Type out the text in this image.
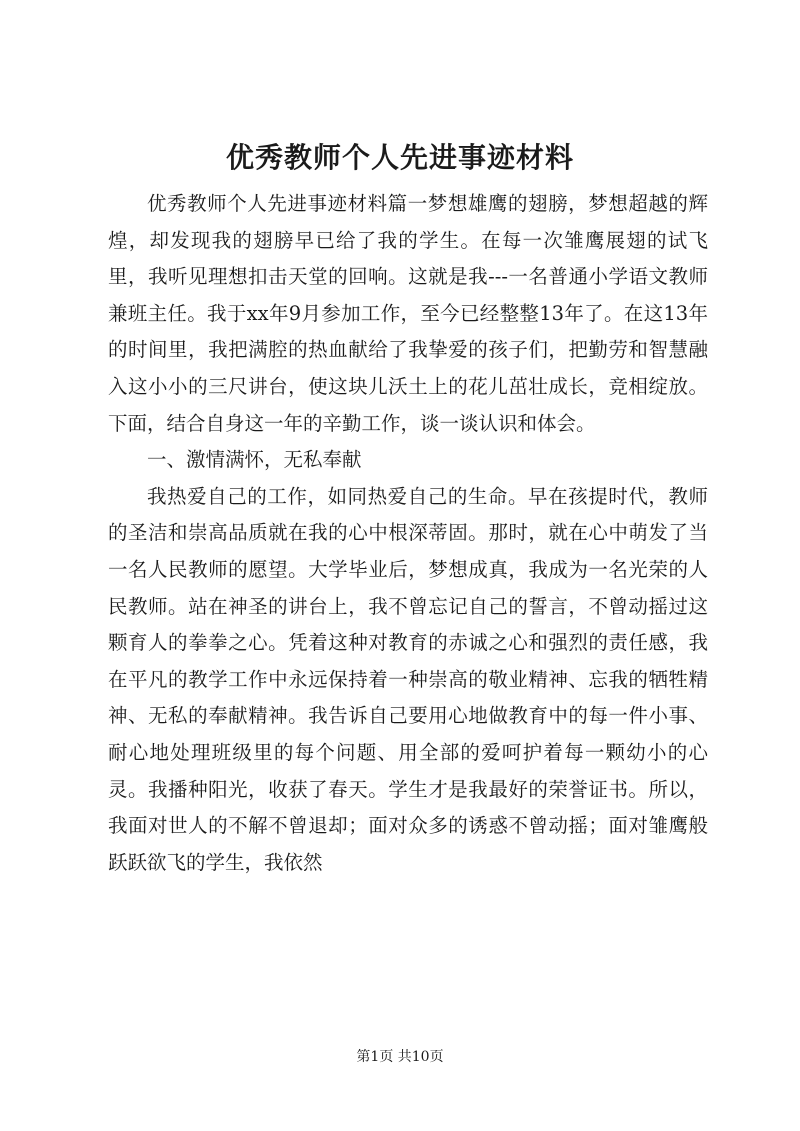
优秀教师个人先进事迹材料

优秀教师个人先进事迹材料篇一梦想雄鹰的翅膀，梦想超越的辉煌，却发现我的翅膀早已给了我的学生。在每一次雏鹰展翅的试飞里，我听见理想扣击天堂的回响。这就是我---一名普通小学语文教师兼班主任。我于xx年9月参加工作，至今已经整整13年了。在这13年的时间里，我把满腔的热血献给了我挚爱的孩子们，把勤劳和智慧融入这小小的三尺讲台，使这块儿沃土上的花儿茁壮成长，竞相绽放。下面，结合自身这一年的辛勤工作，谈一谈认识和体会。

一、激情满怀，无私奉献

我热爱自己的工作，如同热爱自己的生命。早在孩提时代，教师的圣洁和崇高品质就在我的心中根深蒂固。那时，就在心中萌发了当一名人民教师的愿望。大学毕业后，梦想成真，我成为一名光荣的人民教师。站在神圣的讲台上，我不曾忘记自己的誓言，不曾动摇过这颗育人的拳拳之心。凭着这种对教育的赤诚之心和强烈的责任感，我在平凡的教学工作中永远保持着一种崇高的敬业精神、忘我的牺牲精神、无私的奉献精神。我告诉自己要用心地做教育中的每一件小事、耐心地处理班级里的每个问题、用全部的爱呵护着每一颗幼小的心灵。我播种阳光，收获了春天。学生才是我最好的荣誉证书。所以，我面对世人的不解不曾退却；面对众多的诱惑不曾动摇；面对雏鹰般跃跃欲飞的学生，我依然

第1页 共10页
